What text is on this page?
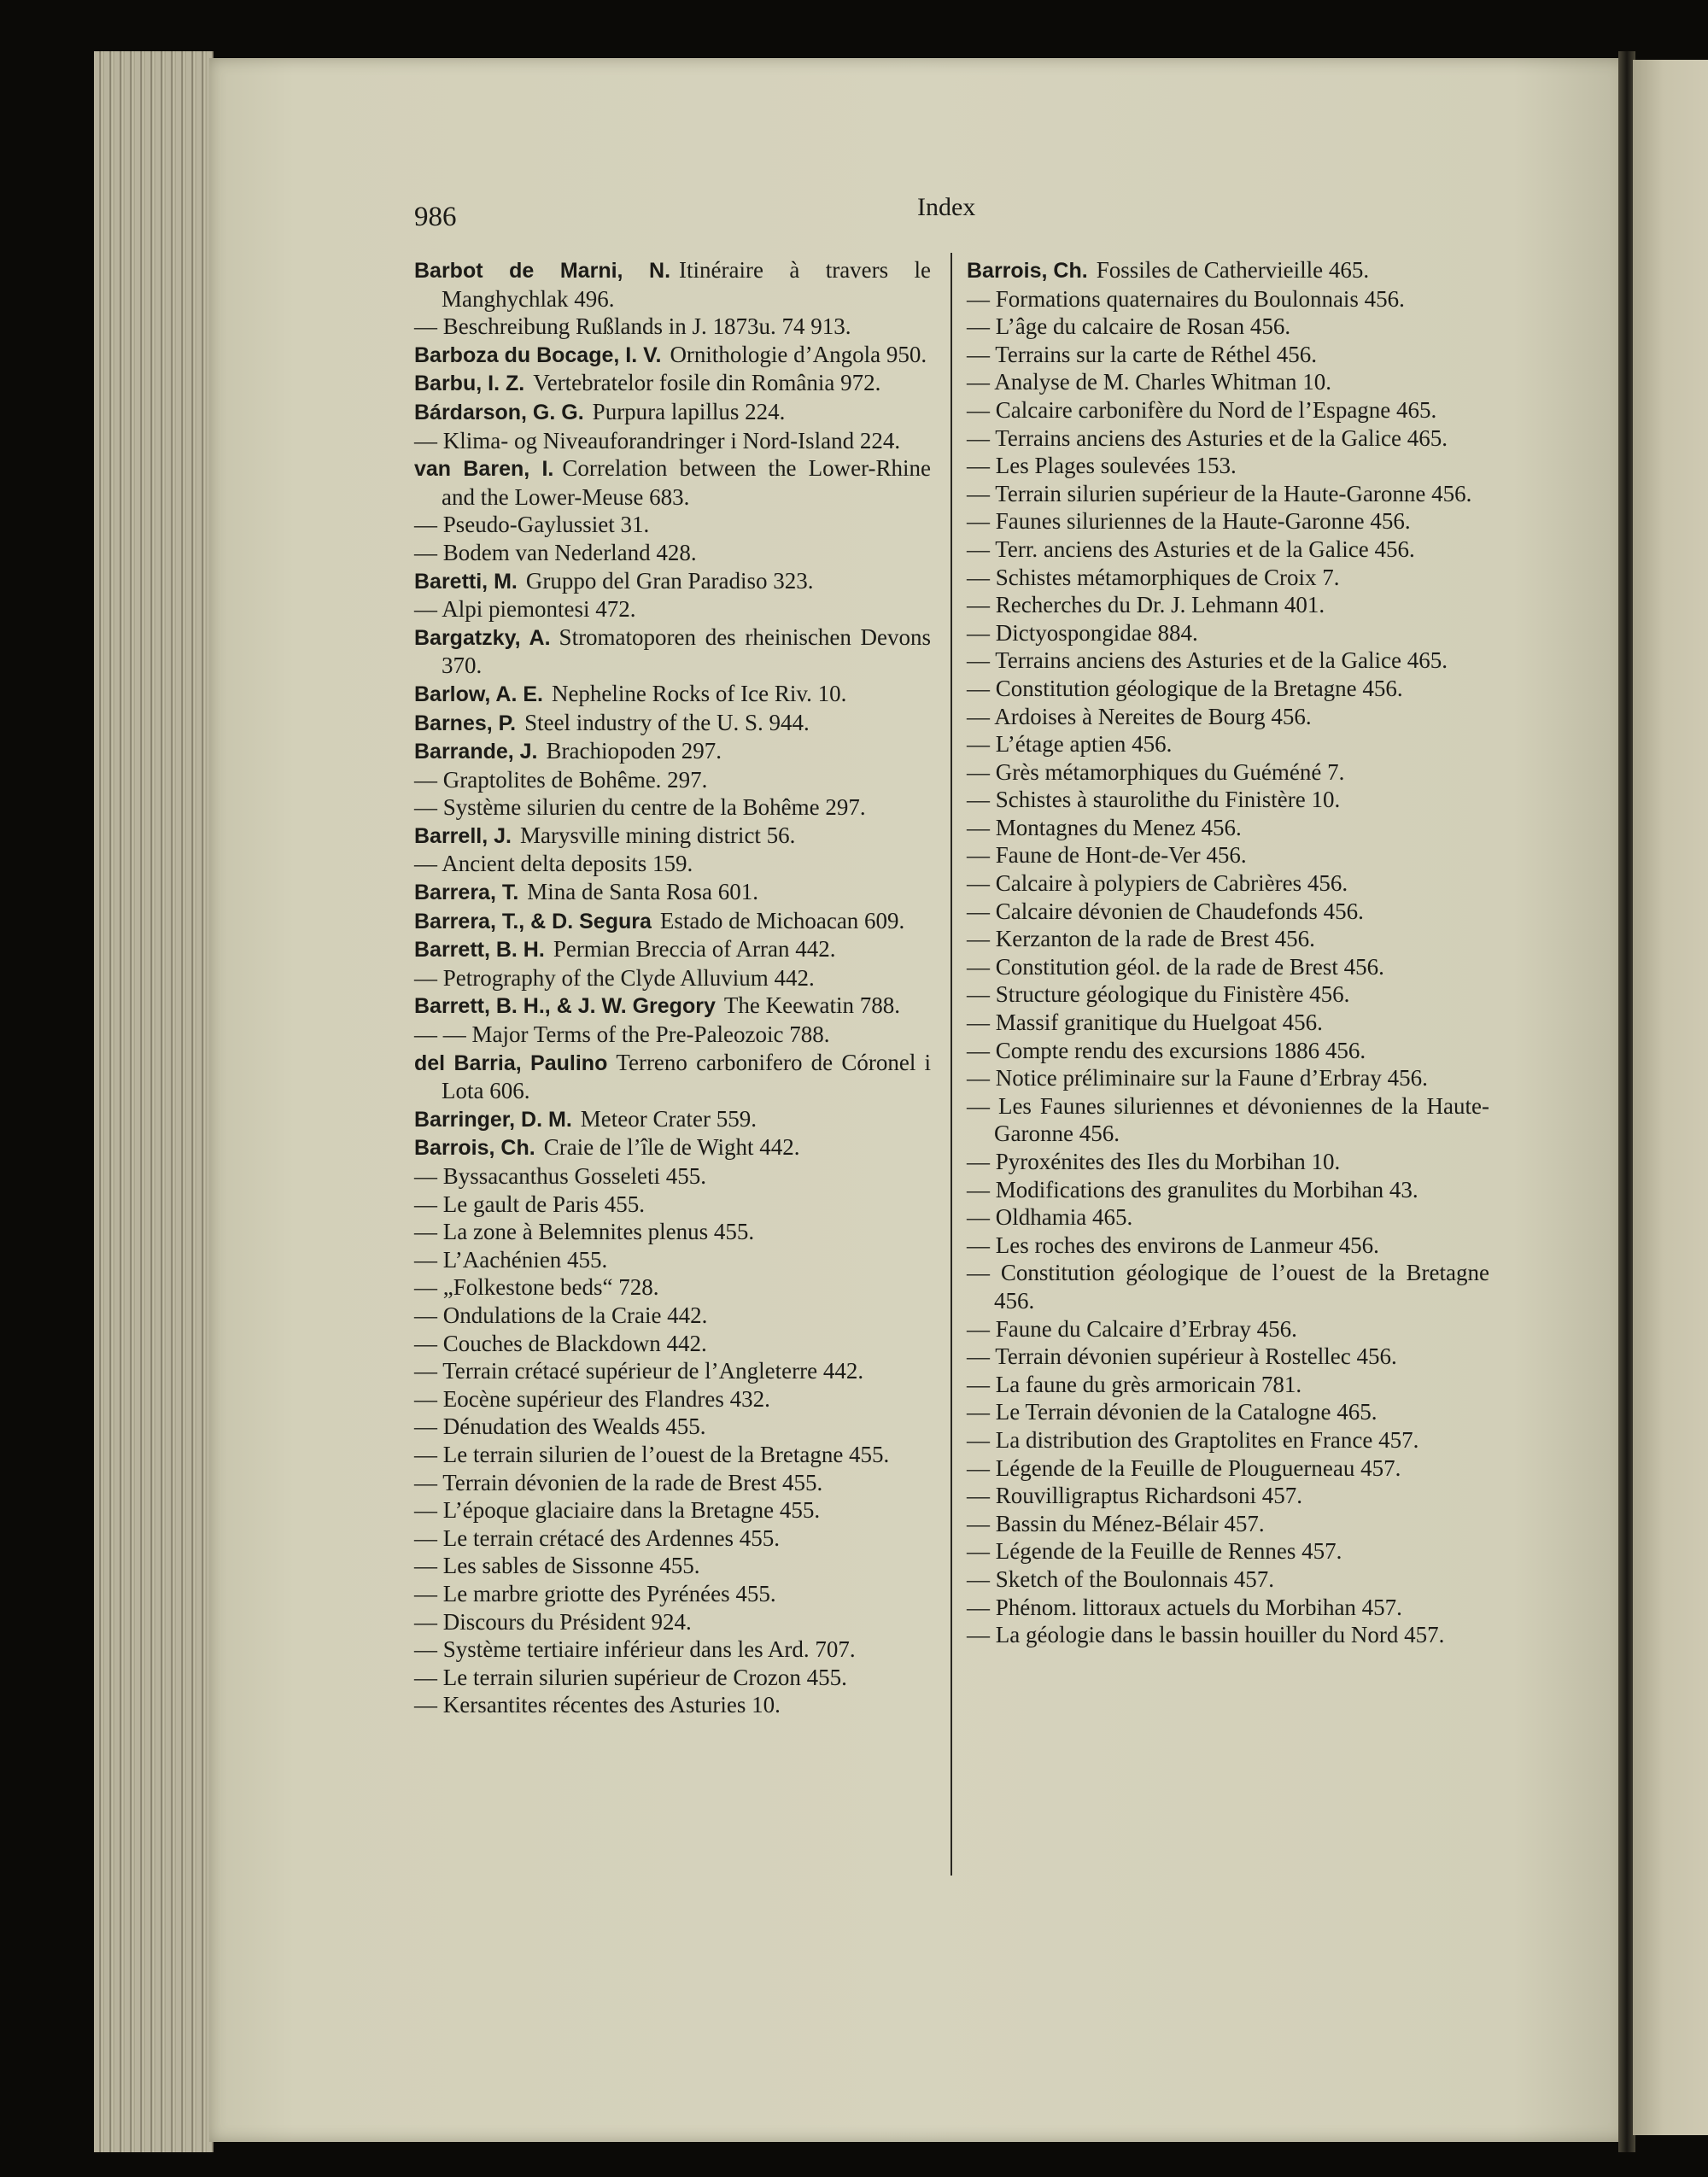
986	Index
Barbot de Marni, N. Itinéraire à travers le Manghychlak 496.
— Beschreibung Rußlands in J. 1873u. 74 913.
Barboza du Bocage, I. V. Ornithologie d’Angola 950.
Barbu, I. Z. Vertebratelor fosile din România 972.
Bárdarson, G. G. Purpura lapillus 224.
— Klima- og Niveauforandringer i Nord-Island 224.
van Baren, I. Correlation between the Lower-Rhine and the Lower-Meuse 683.
— Pseudo-Gaylussiet 31.
— Bodem van Nederland 428.
Baretti, M. Gruppo del Gran Paradiso 323.
— Alpi piemontesi 472.
Bargatzky, A. Stromatoporen des rheinischen Devons 370.
Barlow, A. E. Nepheline Rocks of Ice Riv. 10.
Barnes, P. Steel industry of the U. S. 944.
Barrande, J. Brachiopoden 297.
— Graptolites de Bohême. 297.
— Système silurien du centre de la Bohême 297.
Barrell, J. Marysville mining district 56.
— Ancient delta deposits 159.
Barrera, T. Mina de Santa Rosa 601.
Barrera, T., & D. Segura Estado de Michoacan 609.
Barrett, B. H. Permian Breccia of Arran 442.
— Petrography of the Clyde Alluvium 442.
Barrett, B. H., & J. W. Gregory The Keewatin 788.
— — Major Terms of the Pre-Paleozoic 788.
del Barria, Paulino Terreno carbonifero de Córonel i Lota 606.
Barringer, D. M. Meteor Crater 559.
Barrois, Ch. Craie de l’île de Wight 442.
— Byssacanthus Gosseleti 455.
— Le gault de Paris 455.
— La zone à Belemnites plenus 455.
— L’Aachénien 455.
— „Folkestone beds“ 728.
— Ondulations de la Craie 442.
— Couches de Blackdown 442.
— Terrain crétacé supérieur de l’Angleterre 442.
— Eocène supérieur des Flandres 432.
— Dénudation des Wealds 455.
— Le terrain silurien de l’ouest de la Bretagne 455.
— Terrain dévonien de la rade de Brest 455.
— L’époque glaciaire dans la Bretagne 455.
— Le terrain crétacé des Ardennes 455.
— Les sables de Sissonne 455.
— Le marbre griotte des Pyrénées 455.
— Discours du Président 924.
— Système tertiaire inférieur dans les Ard. 707.
— Le terrain silurien supérieur de Crozon 455.
— Kersantites récentes des Asturies 10.
Barrois, Ch. Fossiles de Cathervieille 465.
— Formations quaternaires du Boulonnais 456.
— L’âge du calcaire de Rosan 456.
— Terrains sur la carte de Réthel 456.
— Analyse de M. Charles Whitman 10.
— Calcaire carbonifère du Nord de l’Espagne 465.
— Terrains anciens des Asturies et de la Galice 465.
— Les Plages soulevées 153.
— Terrain silurien supérieur de la Haute-Garonne 456.
— Faunes siluriennes de la Haute-Garonne 456.
— Terr. anciens des Asturies et de la Galice 456.
— Schistes métamorphiques de Croix 7.
— Recherches du Dr. J. Lehmann 401.
— Dictyospongidae 884.
— Terrains anciens des Asturies et de la Galice 465.
— Constitution géologique de la Bretagne 456.
— Ardoises à Nereites de Bourg 456.
— L’étage aptien 456.
— Grès métamorphiques du Guéméné 7.
— Schistes à staurolithe du Finistère 10.
— Montagnes du Menez 456.
— Faune de Hont-de-Ver 456.
— Calcaire à polypiers de Cabrières 456.
— Calcaire dévonien de Chaudefonds 456.
— Kerzanton de la rade de Brest 456.
— Constitution géol. de la rade de Brest 456.
— Structure géologique du Finistère 456.
— Massif granitique du Huelgoat 456.
— Compte rendu des excursions 1886 456.
— Notice préliminaire sur la Faune d’Erbray 456.
— Les Faunes siluriennes et dévoniennes de la Haute-Garonne 456.
— Pyroxénites des Iles du Morbihan 10.
— Modifications des granulites du Morbihan 43.
— Oldhamia 465.
— Les roches des environs de Lanmeur 456.
— Constitution géologique de l’ouest de la Bretagne 456.
— Faune du Calcaire d’Erbray 456.
— Terrain dévonien supérieur à Rostellec 456.
— La faune du grès armoricain 781.
— Le Terrain dévonien de la Catalogne 465.
— La distribution des Graptolites en France 457.
— Légende de la Feuille de Plouguerneau 457.
— Rouvilligraptus Richardsoni 457.
— Bassin du Ménez-Bélair 457.
— Légende de la Feuille de Rennes 457.
— Sketch of the Boulonnais 457.
— Phénom. littoraux actuels du Morbihan 457.
— La géologie dans le bassin houiller du Nord 457.
